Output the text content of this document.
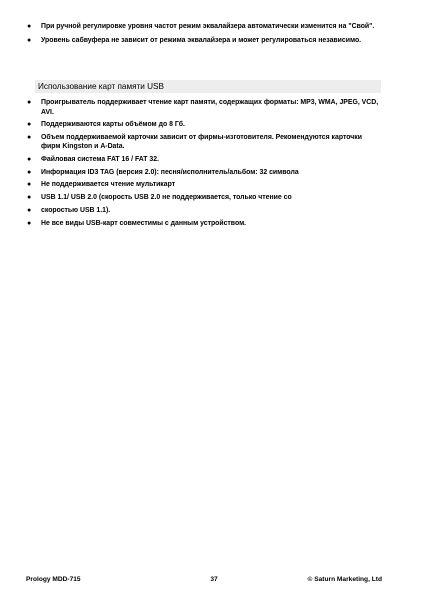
● При ручной регулировке уровня частот режим эквалайзера автоматически изменится на "Свой".
● Уровень сабвуфера не зависит от режима эквалайзера и может регулироваться независимо.
Использование карт памяти USB
● Проигрыватель поддерживает чтение карт памяти, содержащих форматы: MP3, WMA, JPEG, VCD, AVI.
● Поддерживаются карты объёмом до 8 Гб.
● Объем поддерживаемой карточки зависит от фирмы-изготовителя. Рекомендуются карточки фирм Kingston и A-Data.
● Файловая система FAT 16 / FAT 32.
● Информация ID3 TAG (версия 2.0): песня/исполнитель/альбом: 32 символа
● Не поддерживается чтение мультикарт
● USB 1.1/ USB 2.0 (скорость USB 2.0 не поддерживается, только чтение со
● скоростью USB 1.1).
● Не все виды USB-карт совместимы с данным устройством.
Prology MDD-715	37	© Saturn Marketing, Ltd
